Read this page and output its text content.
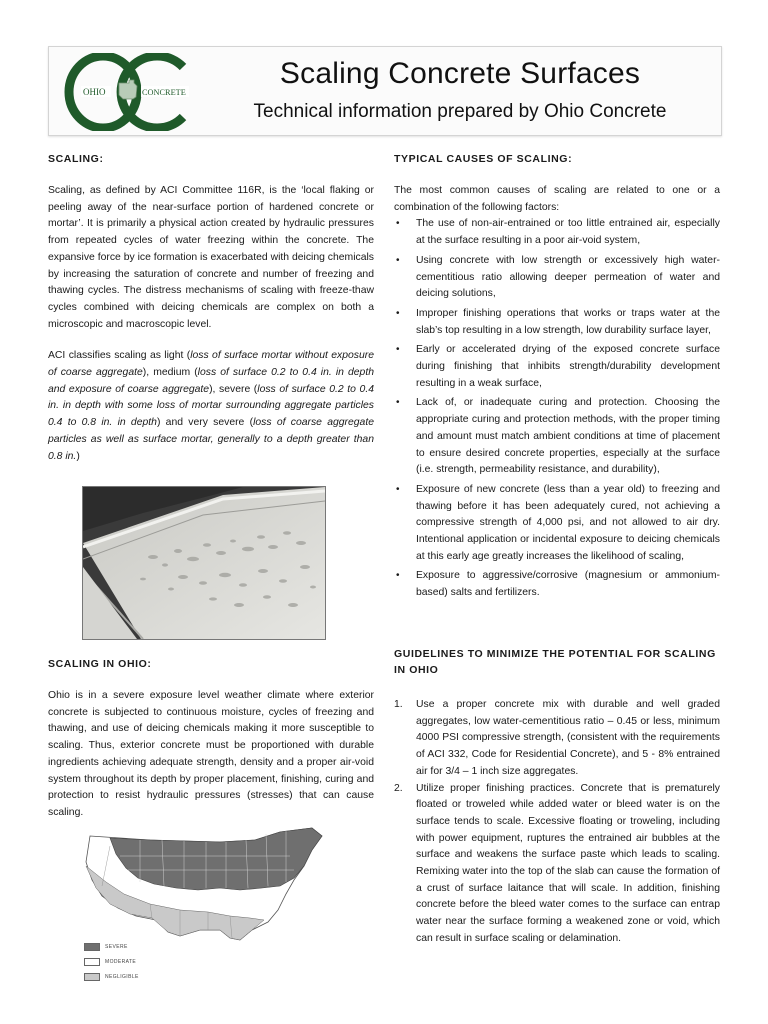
OHIO	CONCRETE
Scaling Concrete Surfaces
Technical information prepared by Ohio Concrete
SCALING:

Scaling, as defined by ACI Committee 116R, is the ‘local flaking or peeling away of the near-surface portion of hardened concrete or mortar’. It is primarily a physical action created by hydraulic pressures from repeated cycles of water freezing within the concrete. The expansive force by ice formation is exacerbated with deicing chemicals by increasing the saturation of concrete and number of freezing and thawing cycles. The distress mechanisms of scaling with freeze-thaw cycles combined with deicing chemicals are complex on both a microscopic and macroscopic level.

ACI classifies scaling as light (loss of surface mortar without exposure of coarse aggregate), medium (loss of surface 0.2 to 0.4 in. in depth and exposure of coarse aggregate), severe (loss of surface 0.2 to 0.4 in. in depth with some loss of mortar surrounding aggregate particles 0.4 to 0.8 in. in depth) and very severe (loss of coarse aggregate particles as well as surface mortar, generally to a depth greater than 0.8 in.)

SCALING IN OHIO:

Ohio is in a severe exposure level weather climate where exterior concrete is subjected to continuous moisture, cycles of freezing and thawing, and use of deicing chemicals making it more susceptible to scaling. Thus, exterior concrete must be proportioned with durable ingredients achieving adequate strength, density and a proper air-void system throughout its depth by proper placement, finishing, curing and protection to resist hydraulic pressures (stresses) that can cause scaling.

SEVERE
MODERATE
NEGLIGIBLE
TYPICAL CAUSES OF SCALING:

The most common causes of scaling are related to one or a combination of the following factors:

• The use of non-air-entrained or too little entrained air, especially at the surface resulting in a poor air-void system,
• Using concrete with low strength or excessively high water-cementitious ratio allowing deeper permeation of water and deicing solutions,
• Improper finishing operations that works or traps water at the slab’s top resulting in a low strength, low durability surface layer,
• Early or accelerated drying of the exposed concrete surface during finishing that inhibits strength/durability development resulting in a weak surface,
• Lack of, or inadequate curing and protection. Choosing the appropriate curing and protection methods, with the proper timing and amount must match ambient conditions at time of placement to ensure desired concrete properties, especially at the surface (i.e. strength, permeability resistance, and durability),
• Exposure of new concrete (less than a year old) to freezing and thawing before it has been adequately cured, not achieving a compressive strength of 4,000 psi, and not allowed to air dry. Intentional application or incidental exposure to deicing chemicals at this early age greatly increases the likelihood of scaling,
• Exposure to aggressive/corrosive (magnesium or ammonium-based) salts and fertilizers.
GUIDELINES TO MINIMIZE THE POTENTIAL FOR SCALING IN OHIO
1. Use a proper concrete mix with durable and well graded aggregates, low water-cementitious ratio – 0.45 or less, minimum 4000 PSI compressive strength, (consistent with the requirements of ACI 332, Code for Residential Concrete), and 5 - 8% entrained air for 3/4 – 1 inch size aggregates.
2. Utilize proper finishing practices. Concrete that is prematurely floated or troweled while added water or bleed water is on the surface tends to scale. Excessive floating or troweling, including with power equipment, ruptures the entrained air bubbles at the surface and weakens the surface paste which leads to scaling. Remixing water into the top of the slab can cause the formation of a crust of surface laitance that will scale. In addition, finishing concrete before the bleed water comes to the surface can entrap water near the surface forming a weakened zone or void, which can result in surface scaling or delamination.
